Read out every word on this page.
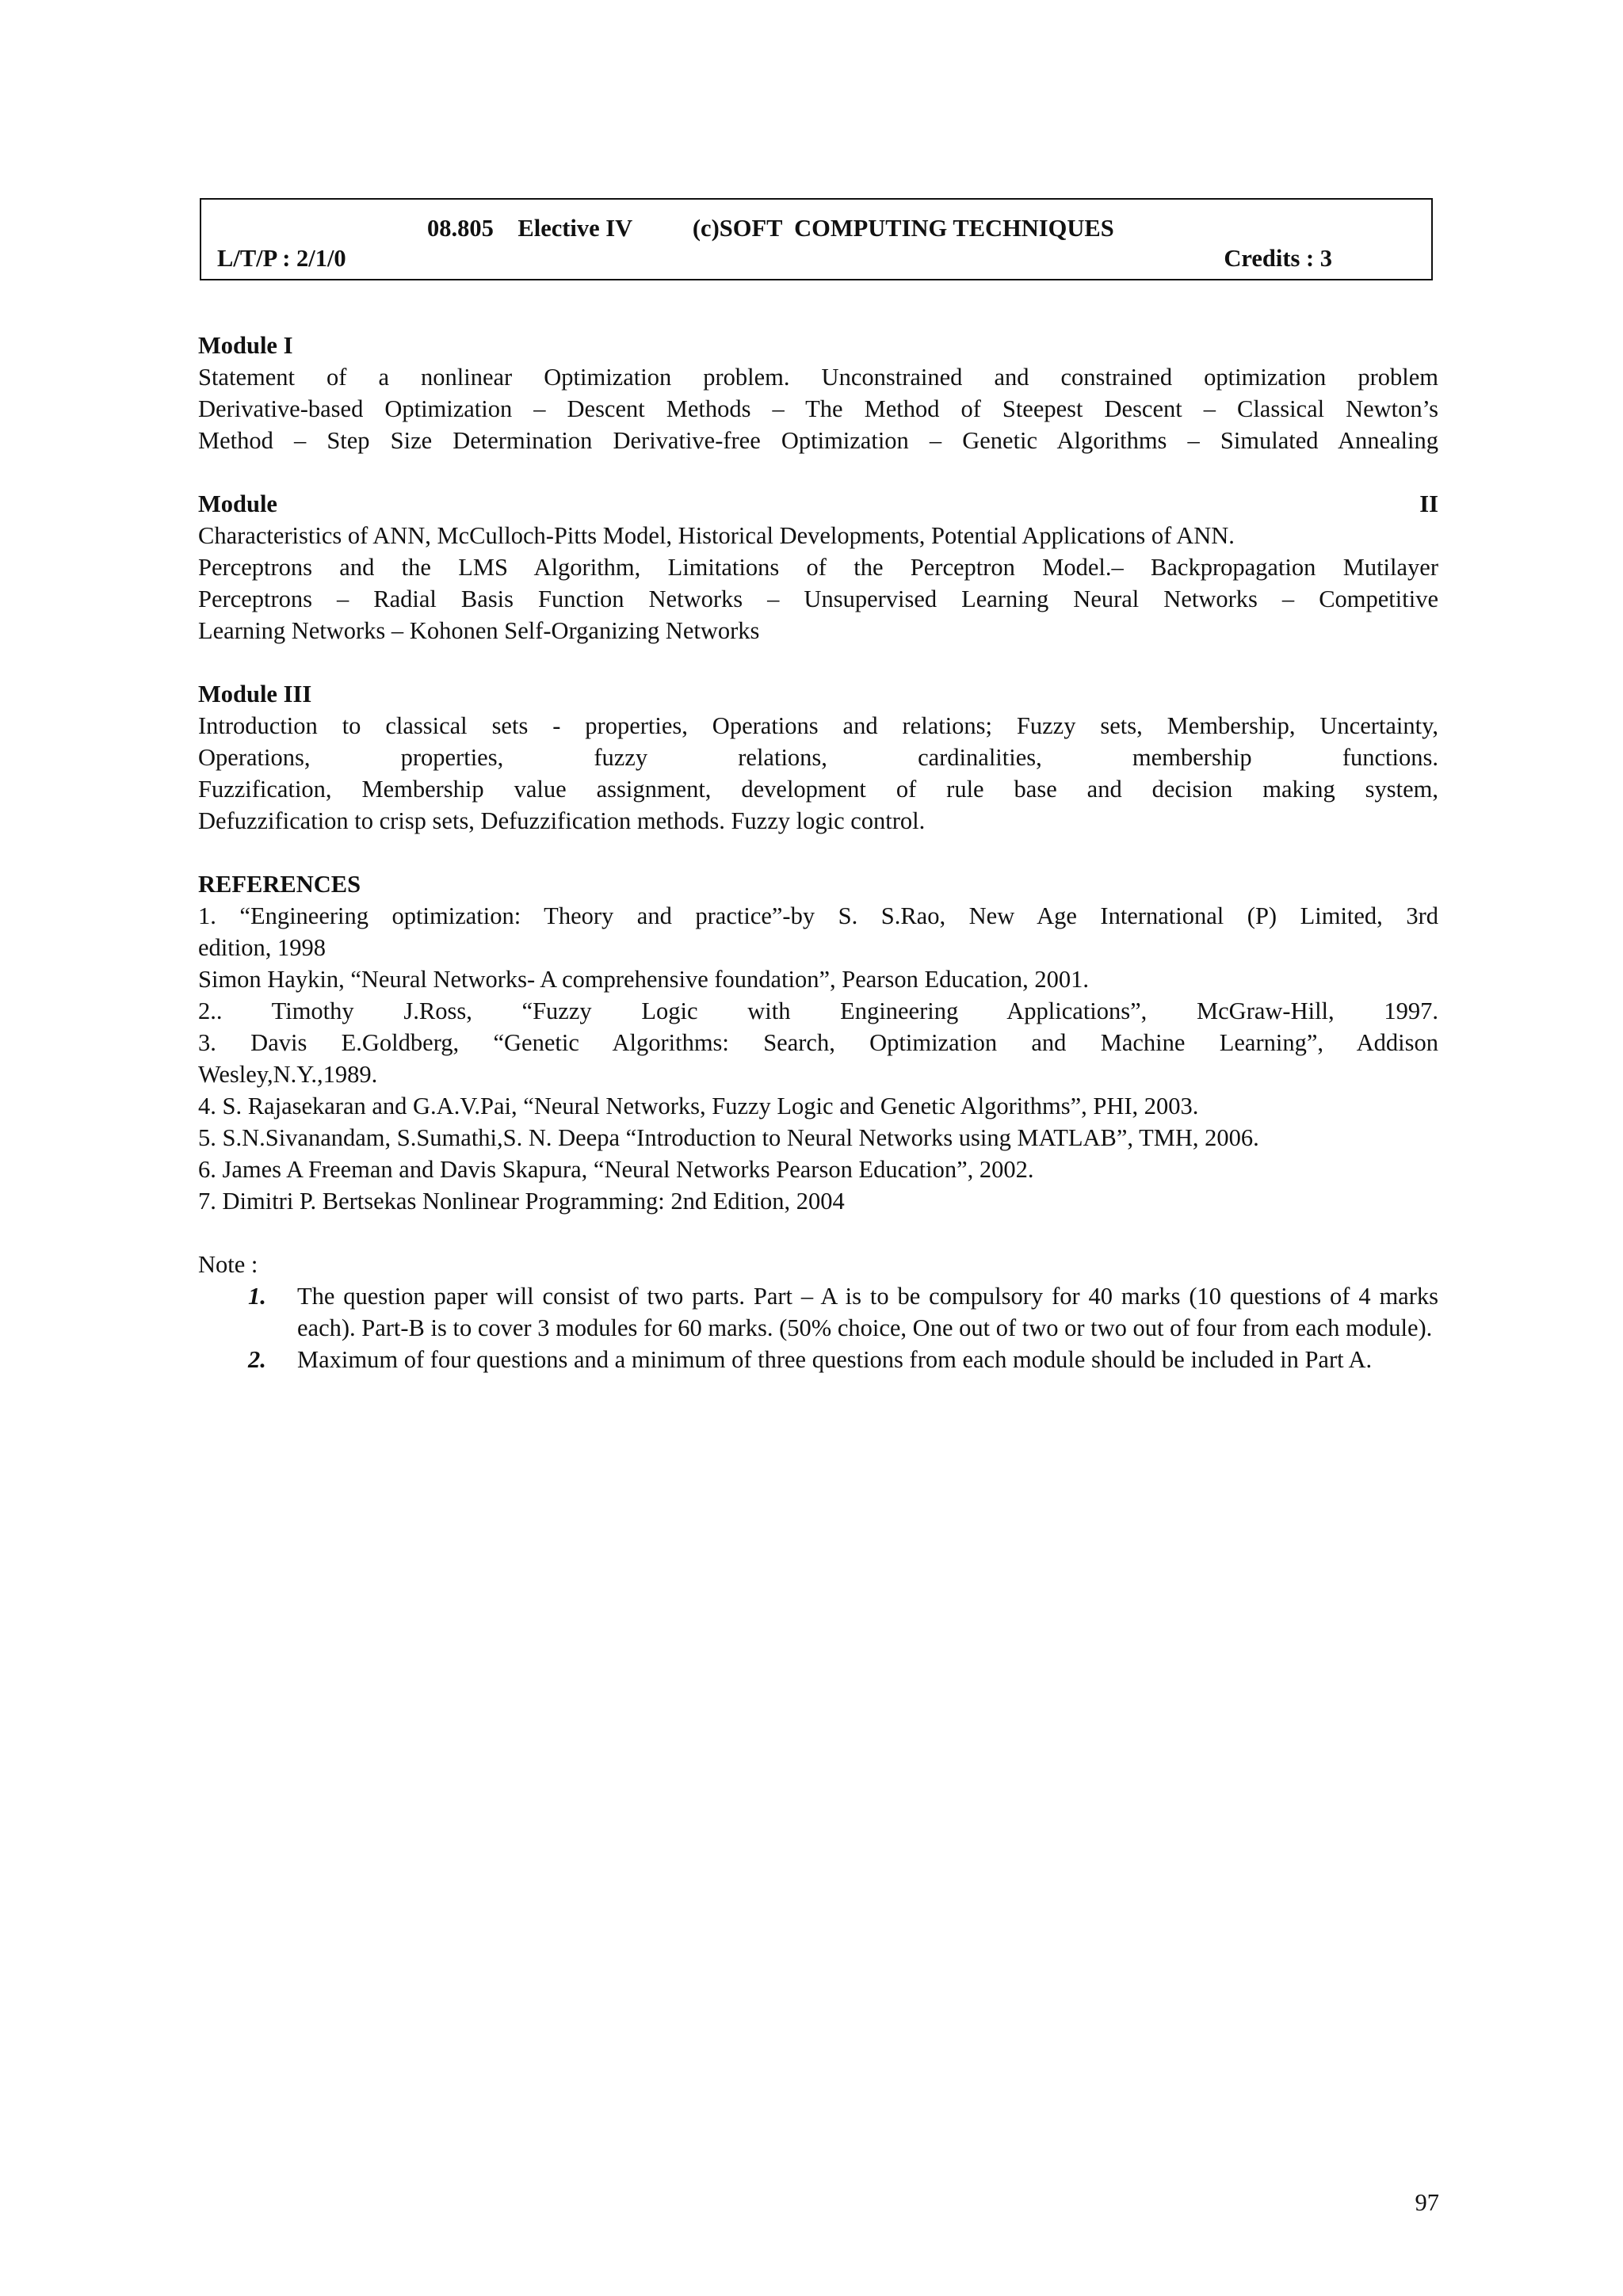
08.805    Elective IV          (c)SOFT  COMPUTING TECHNIQUES
L/T/P : 2/1/0	Credits : 3

Module I

Statement of a nonlinear Optimization problem. Unconstrained and constrained optimization problem

Derivative-based Optimization – Descent Methods – The Method of Steepest Descent – Classical Newton’s

Method – Step Size Determination Derivative-free Optimization – Genetic Algorithms – Simulated Annealing

Module	II

Characteristics of ANN, McCulloch-Pitts Model, Historical Developments, Potential Applications of ANN.

Perceptrons and the LMS Algorithm, Limitations of the Perceptron Model.– Backpropagation Mutilayer

Perceptrons – Radial Basis Function Networks – Unsupervised Learning Neural Networks – Competitive

Learning Networks – Kohonen Self-Organizing Networks

Module III

Introduction to classical sets - properties, Operations and relations; Fuzzy sets, Membership, Uncertainty,

Operations, properties, fuzzy relations, cardinalities, membership functions.

Fuzzification, Membership value assignment, development of rule base and decision making system,

Defuzzification to crisp sets, Defuzzification methods. Fuzzy logic control.

REFERENCES

1. “Engineering optimization: Theory and practice”-by S. S.Rao, New Age International (P) Limited, 3rd

edition, 1998

Simon Haykin, “Neural Networks- A comprehensive foundation”, Pearson Education, 2001.

2.. Timothy J.Ross, “Fuzzy Logic with Engineering Applications”, McGraw-Hill, 1997.

3. Davis E.Goldberg, “Genetic Algorithms: Search, Optimization and Machine Learning”, Addison

Wesley,N.Y.,1989.

4. S. Rajasekaran and G.A.V.Pai, “Neural Networks, Fuzzy Logic and Genetic Algorithms”, PHI, 2003.

5. S.N.Sivanandam, S.Sumathi,S. N. Deepa “Introduction to Neural Networks using MATLAB”, TMH, 2006.

6. James A Freeman and Davis Skapura, “Neural Networks Pearson Education”, 2002.

7. Dimitri P. Bertsekas Nonlinear Programming: 2nd Edition, 2004

Note :

1. The question paper will consist of two parts. Part – A is to be compulsory for 40 marks (10 questions of 4 marks each). Part-B is to cover 3 modules for 60 marks. (50% choice, One out of two or two out of four from each module).
2. Maximum of four questions and a minimum of three questions from each module should be included in Part A.
97
